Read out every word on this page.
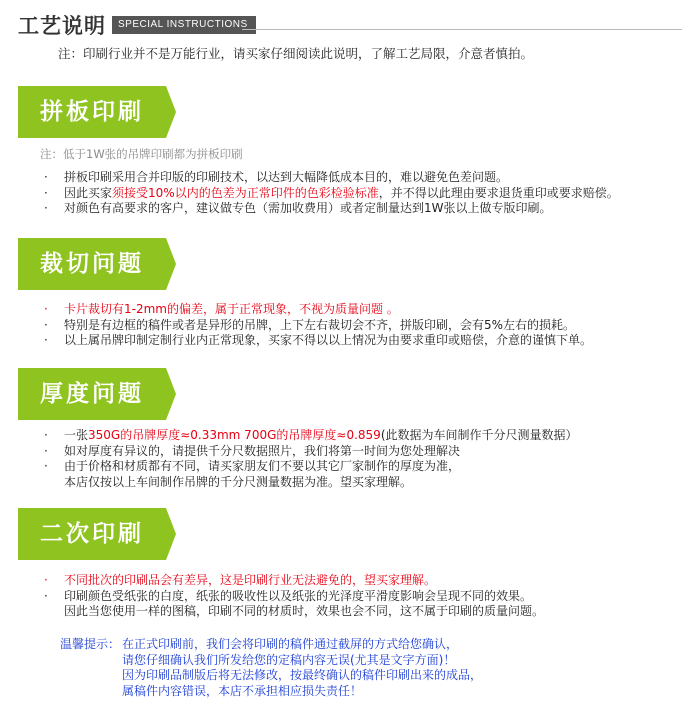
工艺说明	SPECIAL INSTRUCTIONS
注：印刷行业并不是万能行业，请买家仔细阅读此说明，了解工艺局限，介意者慎拍。
拼板印刷
注：低于1W张的吊牌印刷都为拼板印刷
· 拼板印刷采用合并印版的印刷技术，以达到大幅降低成本目的，难以避免色差问题。
· 因此买家须接受10%以内的色差为正常印件的色彩检验标准，并不得以此理由要求退货重印或要求赔偿。
· 对颜色有高要求的客户，建议做专色（需加收费用）或者定制量达到1W张以上做专版印刷。
裁切问题
· 卡片裁切有1-2mm的偏差，属于正常现象，不视为质量问题 。
· 特别是有边框的稿件或者是异形的吊牌，上下左右裁切会不齐，拼版印刷，会有5%左右的损耗。
· 以上属吊牌印制定制行业内正常现象，买家不得以以上情况为由要求重印或赔偿，介意的谨慎下单。
厚度问题
· 一张350G的吊牌厚度≈0.33mm 700G的吊牌厚度≈0.859(此数据为车间制作千分尺测量数据）
· 如对厚度有异议的，请提供千分尺数据照片，我们将第一时间为您处理解决
· 由于价格和材质都有不同，请买家朋友们不要以其它厂家制作的厚度为准，
本店仅按以上车间制作吊牌的千分尺测量数据为准。望买家理解。
二次印刷
· 不同批次的印刷品会有差异，这是印刷行业无法避免的，望买家理解。
· 印刷颜色受纸张的白度，纸张的吸收性以及纸张的光泽度平滑度影响会呈现不同的效果。
因此当您使用一样的图稿，印刷不同的材质时，效果也会不同，这不属于印刷的质量问题。
温馨提示： 在正式印刷前，我们会将印刷的稿件通过截屏的方式给您确认，
请您仔细确认我们所发给您的定稿内容无误(尤其是文字方面)！
因为印刷品制版后将无法修改，按最终确认的稿件印刷出来的成品，
属稿件内容错误，本店不承担相应损失责任！
